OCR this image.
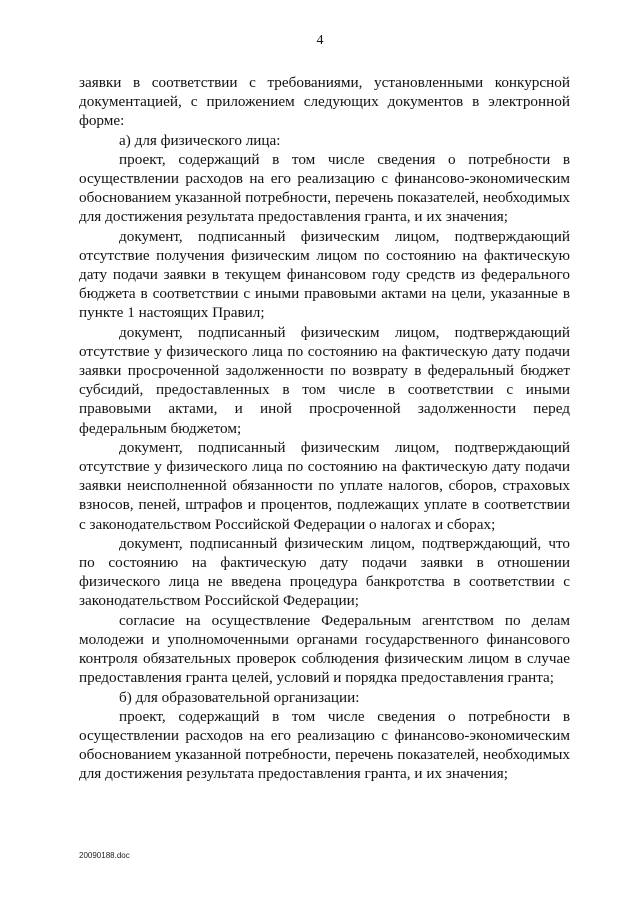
4

заявки в соответствии с требованиями, установленными конкурсной документацией, с приложением следующих документов в электронной форме:

а) для физического лица:

проект, содержащий в том числе сведения о потребности в осуществлении расходов на его реализацию с финансово-экономическим обоснованием указанной потребности, перечень показателей, необходимых для достижения результата предоставления гранта, и их значения;

документ, подписанный физическим лицом, подтверждающий отсутствие получения физическим лицом по состоянию на фактическую дату подачи заявки в текущем финансовом году средств из федерального бюджета в соответствии с иными правовыми актами на цели, указанные в пункте 1 настоящих Правил;

документ, подписанный физическим лицом, подтверждающий отсутствие у физического лица по состоянию на фактическую дату подачи заявки просроченной задолженности по возврату в федеральный бюджет субсидий, предоставленных в том числе в соответствии с иными правовыми актами, и иной просроченной задолженности перед федеральным бюджетом;

документ, подписанный физическим лицом, подтверждающий отсутствие у физического лица по состоянию на фактическую дату подачи заявки неисполненной обязанности по уплате налогов, сборов, страховых взносов, пеней, штрафов и процентов, подлежащих уплате в соответствии с законодательством Российской Федерации о налогах и сборах;

документ, подписанный физическим лицом, подтверждающий, что по состоянию на фактическую дату подачи заявки в отношении физического лица не введена процедура банкротства в соответствии с законодательством Российской Федерации;

согласие на осуществление Федеральным агентством по делам молодежи и уполномоченными органами государственного финансового контроля обязательных проверок соблюдения физическим лицом в случае предоставления гранта целей, условий и порядка предоставления гранта;

б) для образовательной организации:

проект, содержащий в том числе сведения о потребности в осуществлении расходов на его реализацию с финансово-экономическим обоснованием указанной потребности, перечень показателей, необходимых для достижения результата предоставления гранта, и их значения;

20090188.doc
